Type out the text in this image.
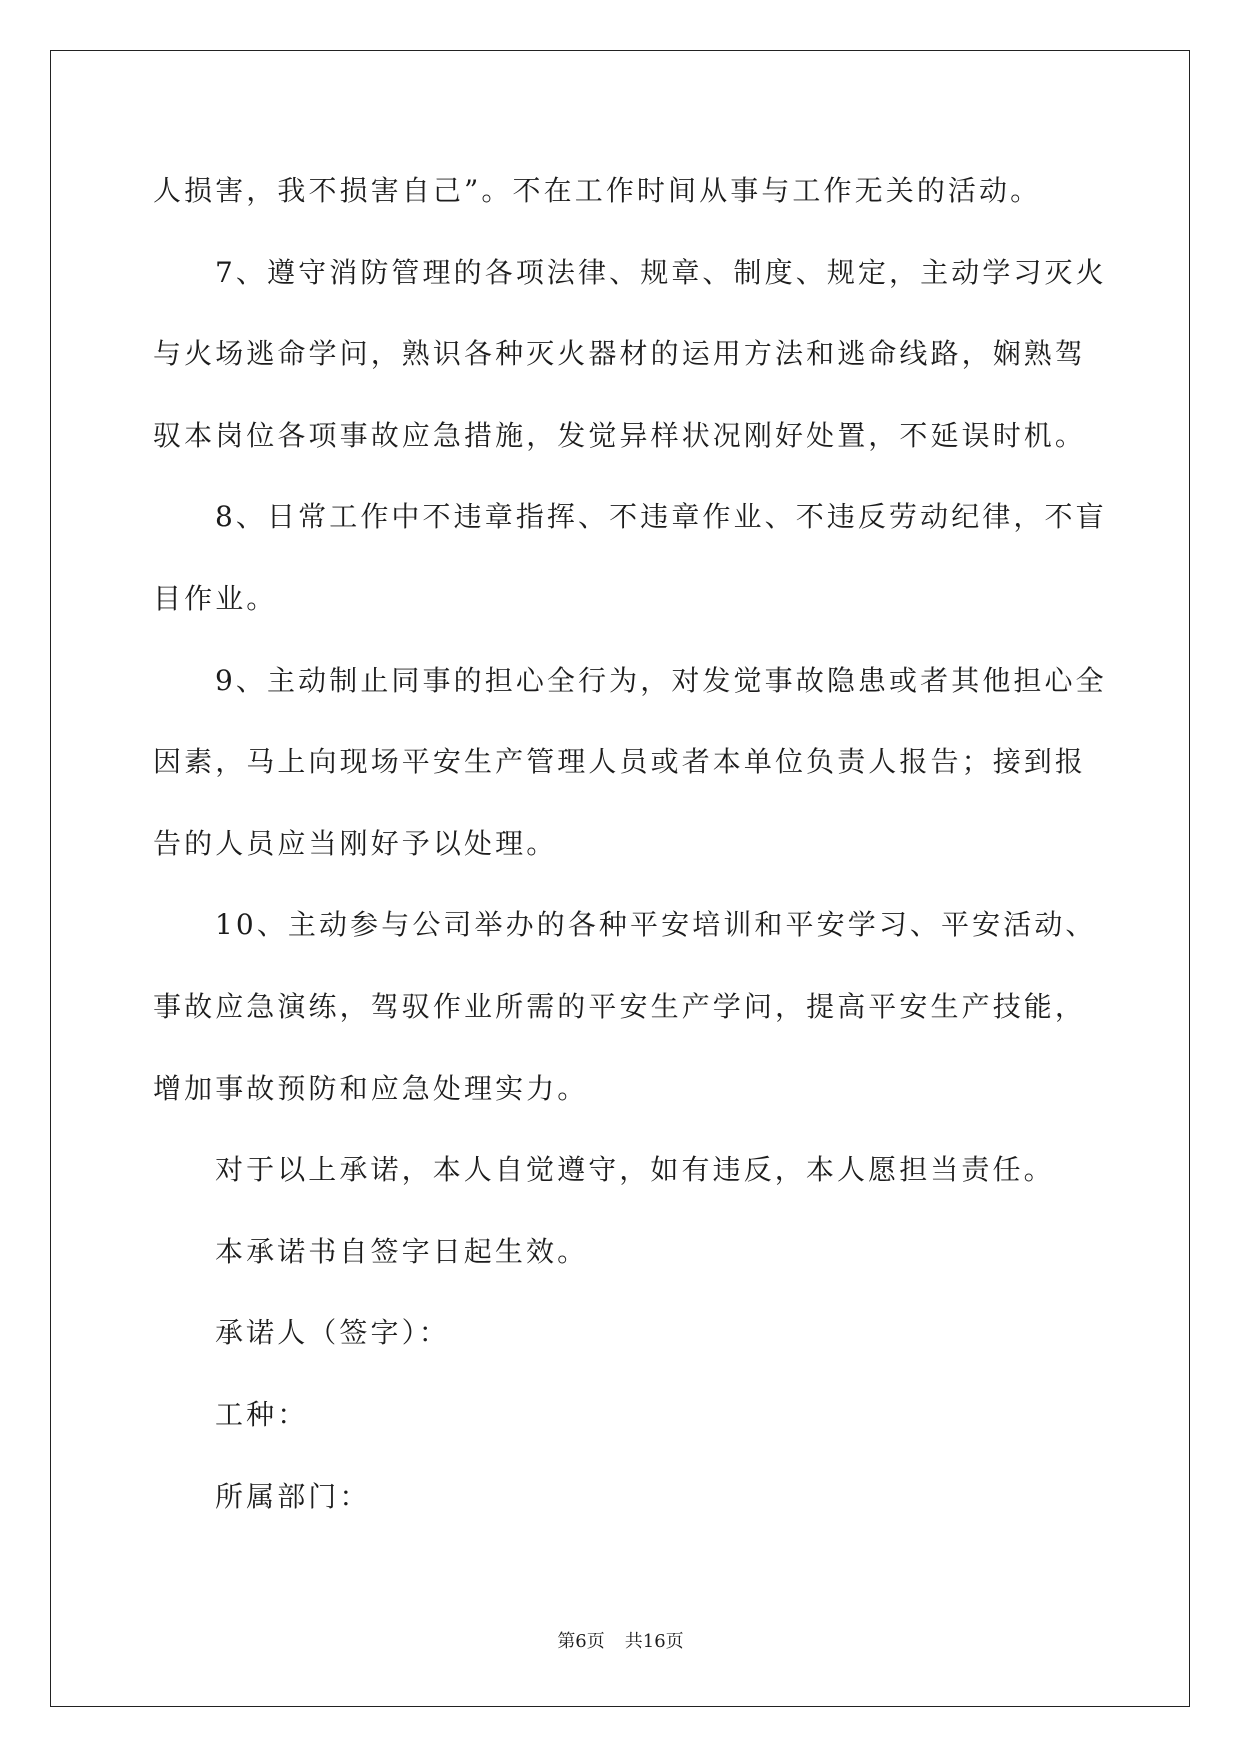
人损害，我不损害自己”。不在工作时间从事与工作无关的活动。
7、遵守消防管理的各项法律、规章、制度、规定，主动学习灭火
与火场逃命学问，熟识各种灭火器材的运用方法和逃命线路，娴熟驾
驭本岗位各项事故应急措施，发觉异样状况刚好处置，不延误时机。
8、日常工作中不违章指挥、不违章作业、不违反劳动纪律，不盲
目作业。
9、主动制止同事的担心全行为，对发觉事故隐患或者其他担心全
因素，马上向现场平安生产管理人员或者本单位负责人报告；接到报
告的人员应当刚好予以处理。
10、主动参与公司举办的各种平安培训和平安学习、平安活动、
事故应急演练，驾驭作业所需的平安生产学问，提高平安生产技能，
增加事故预防和应急处理实力。
对于以上承诺，本人自觉遵守，如有违反，本人愿担当责任。
本承诺书自签字日起生效。
承诺人（签字）：
工种：
所属部门：
第6页 共16页
